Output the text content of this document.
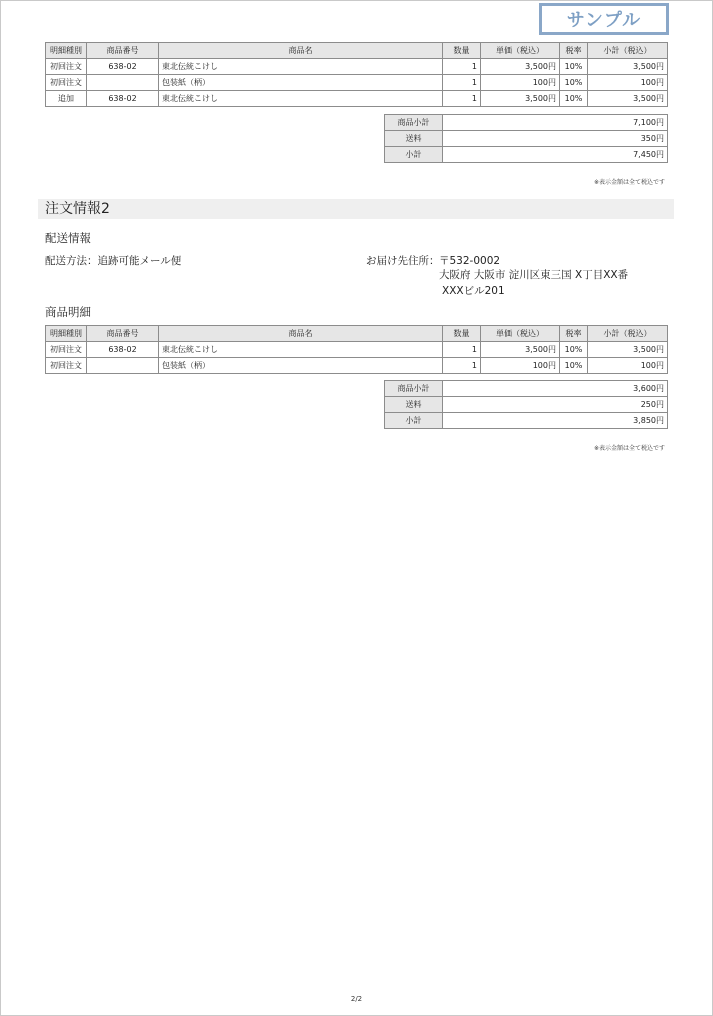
サンプル
明細種別	商品番号	商品名	数量	単価（税込）	税率	小計（税込）
初回注文	638-02	東北伝統こけし	1	3,500円	10%	3,500円
初回注文		包装紙（柄）	1	100円	10%	100円
追加	638-02	東北伝統こけし	1	3,500円	10%	3,500円
商品小計	7,100円
送料	350円
小計	7,450円
※表示金額は全て税込です
注文情報2
配送情報
配送方法：追跡可能メール便	お届け先住所： 〒532-0002
大阪府 大阪市 淀川区東三国 X丁目XX番
XXXビル201
商品明細
明細種別	商品番号	商品名	数量	単価（税込）	税率	小計（税込）
初回注文	638-02	東北伝統こけし	1	3,500円	10%	3,500円
初回注文		包装紙（柄）	1	100円	10%	100円
商品小計	3,600円
送料	250円
小計	3,850円
※表示金額は全て税込です
2/2
